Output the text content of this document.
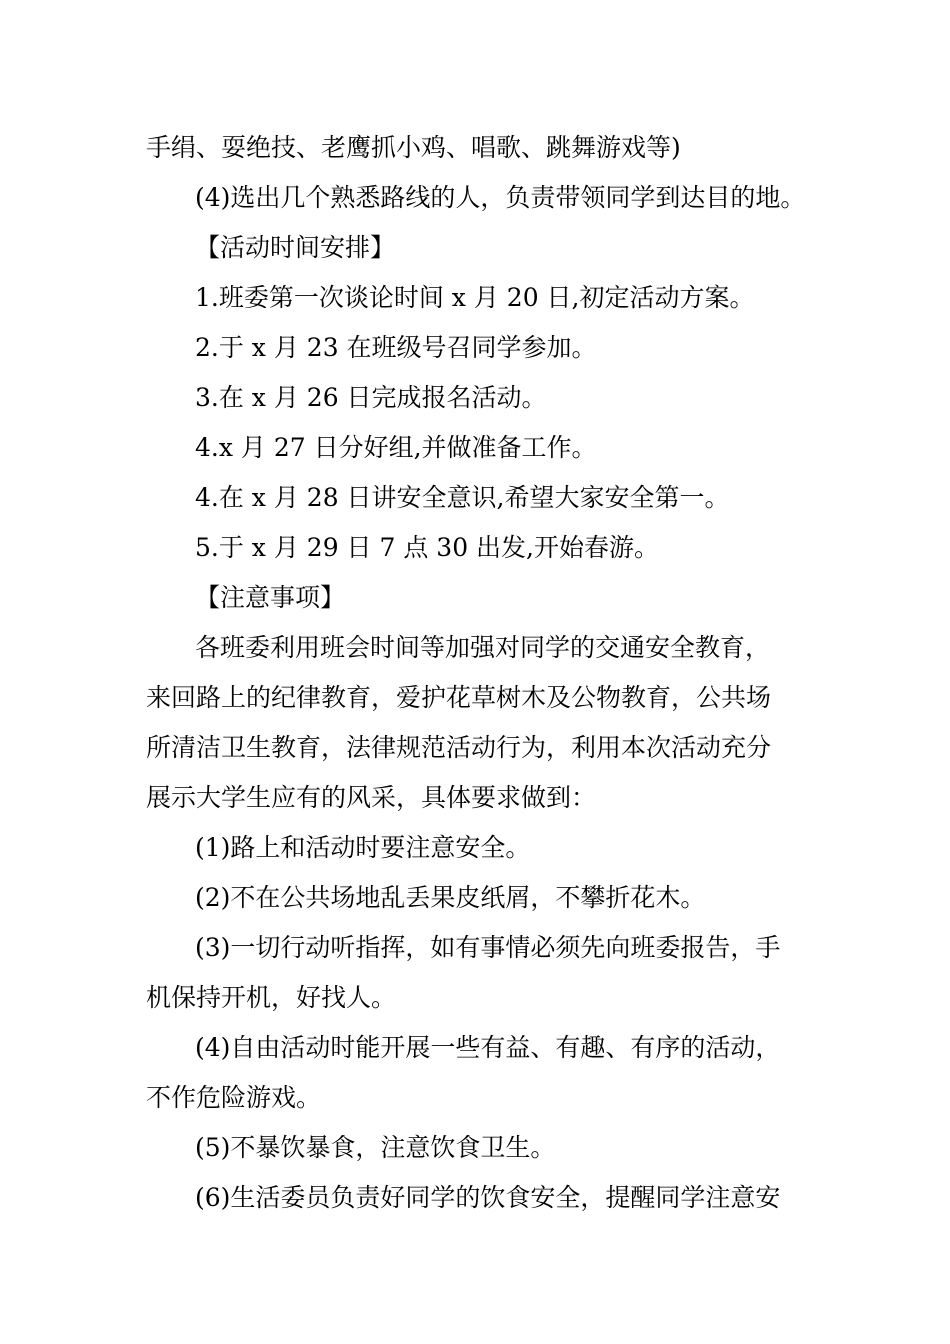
手绢、耍绝技、老鹰抓小鸡、唱歌、跳舞游戏等)
(4)选出几个熟悉路线的人，负责带领同学到达目的地。
【活动时间安排】
1.班委第一次谈论时间 x 月 20 日,初定活动方案。
2.于 x 月 23 在班级号召同学参加。
3.在 x 月 26 日完成报名活动。
4.x 月 27 日分好组,并做准备工作。
4.在 x 月 28 日讲安全意识,希望大家安全第一。
5.于 x 月 29 日 7 点 30 出发,开始春游。
【注意事项】
各班委利用班会时间等加强对同学的交通安全教育，
来回路上的纪律教育，爱护花草树木及公物教育，公共场
所清洁卫生教育，法律规范活动行为，利用本次活动充分
展示大学生应有的风采，具体要求做到：
(1)路上和活动时要注意安全。
(2)不在公共场地乱丢果皮纸屑，不攀折花木。
(3)一切行动听指挥，如有事情必须先向班委报告，手
机保持开机，好找人。
(4)自由活动时能开展一些有益、有趣、有序的活动，
不作危险游戏。
(5)不暴饮暴食，注意饮食卫生。
(6)生活委员负责好同学的饮食安全，提醒同学注意安
